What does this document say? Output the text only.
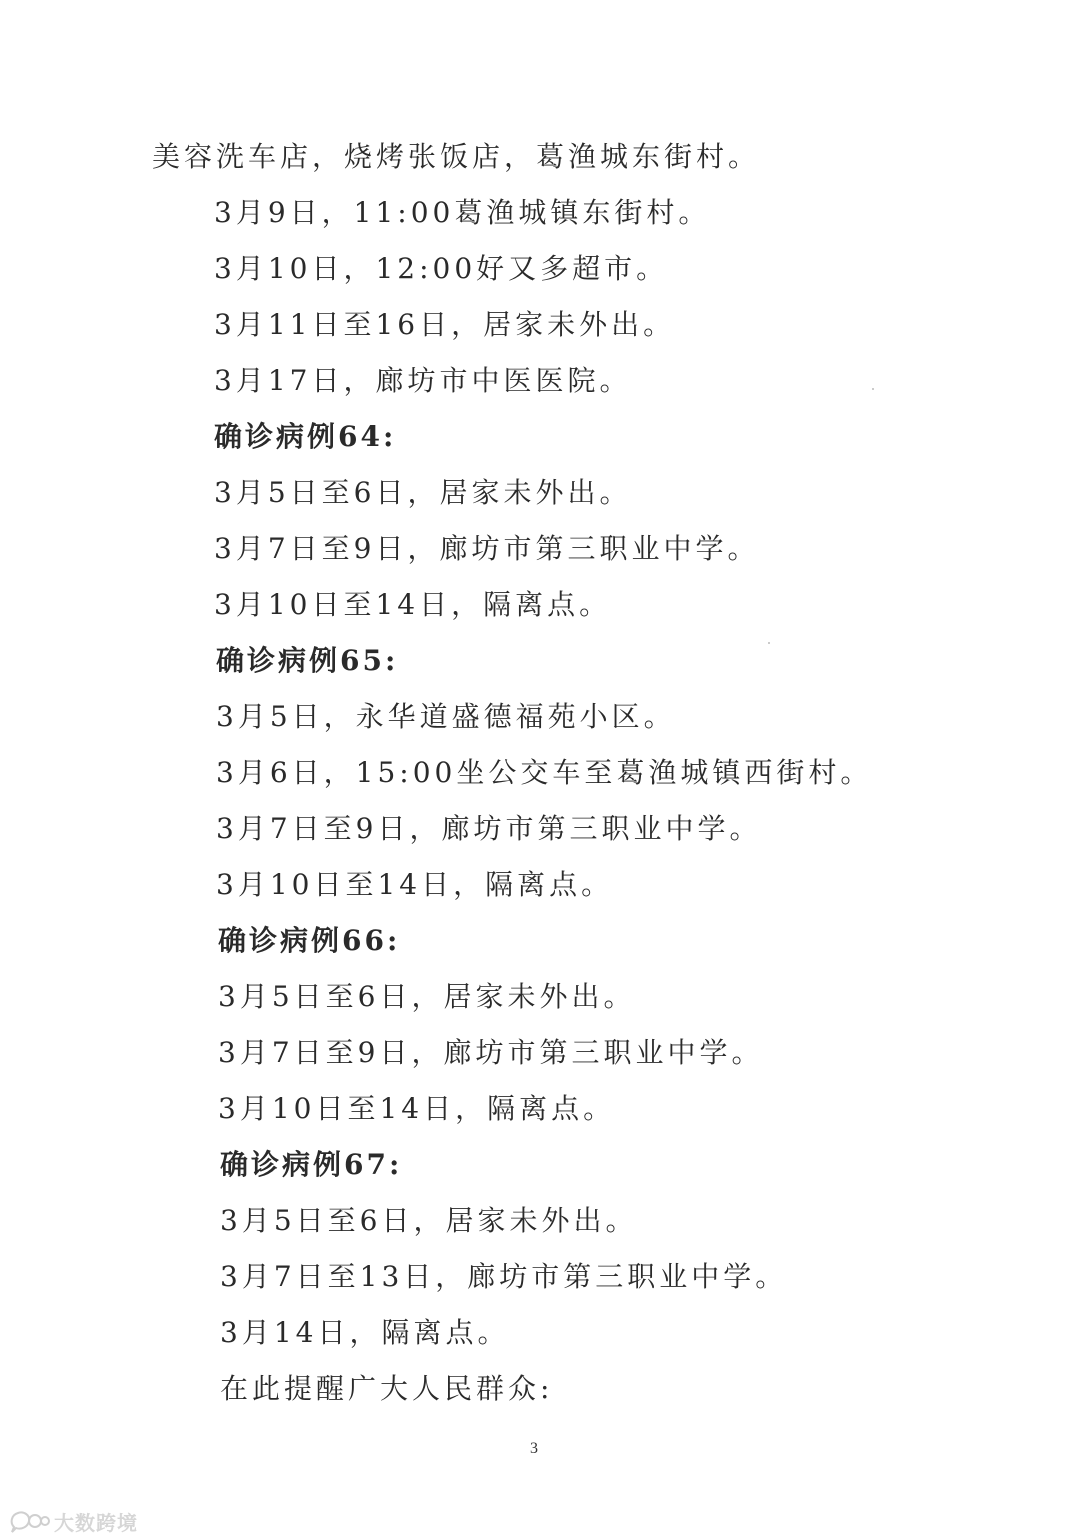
美容洗车店，烧烤张饭店，葛渔城东街村。
3月9日，11:00葛渔城镇东街村。
3月10日，12:00好又多超市。
3月11日至16日，居家未外出。
3月17日，廊坊市中医医院。
确诊病例64:
3月5日至6日，居家未外出。
3月7日至9日，廊坊市第三职业中学。
3月10日至14日，隔离点。
确诊病例65:
3月5日，永华道盛德福苑小区。
3月6日，15:00坐公交车至葛渔城镇西街村。
3月7日至9日，廊坊市第三职业中学。
3月10日至14日，隔离点。
确诊病例66:
3月5日至6日，居家未外出。
3月7日至9日，廊坊市第三职业中学。
3月10日至14日，隔离点。
确诊病例67:
3月5日至6日，居家未外出。
3月7日至13日，廊坊市第三职业中学。
3月14日，隔离点。
在此提醒广大人民群众:
3
大数跨境
